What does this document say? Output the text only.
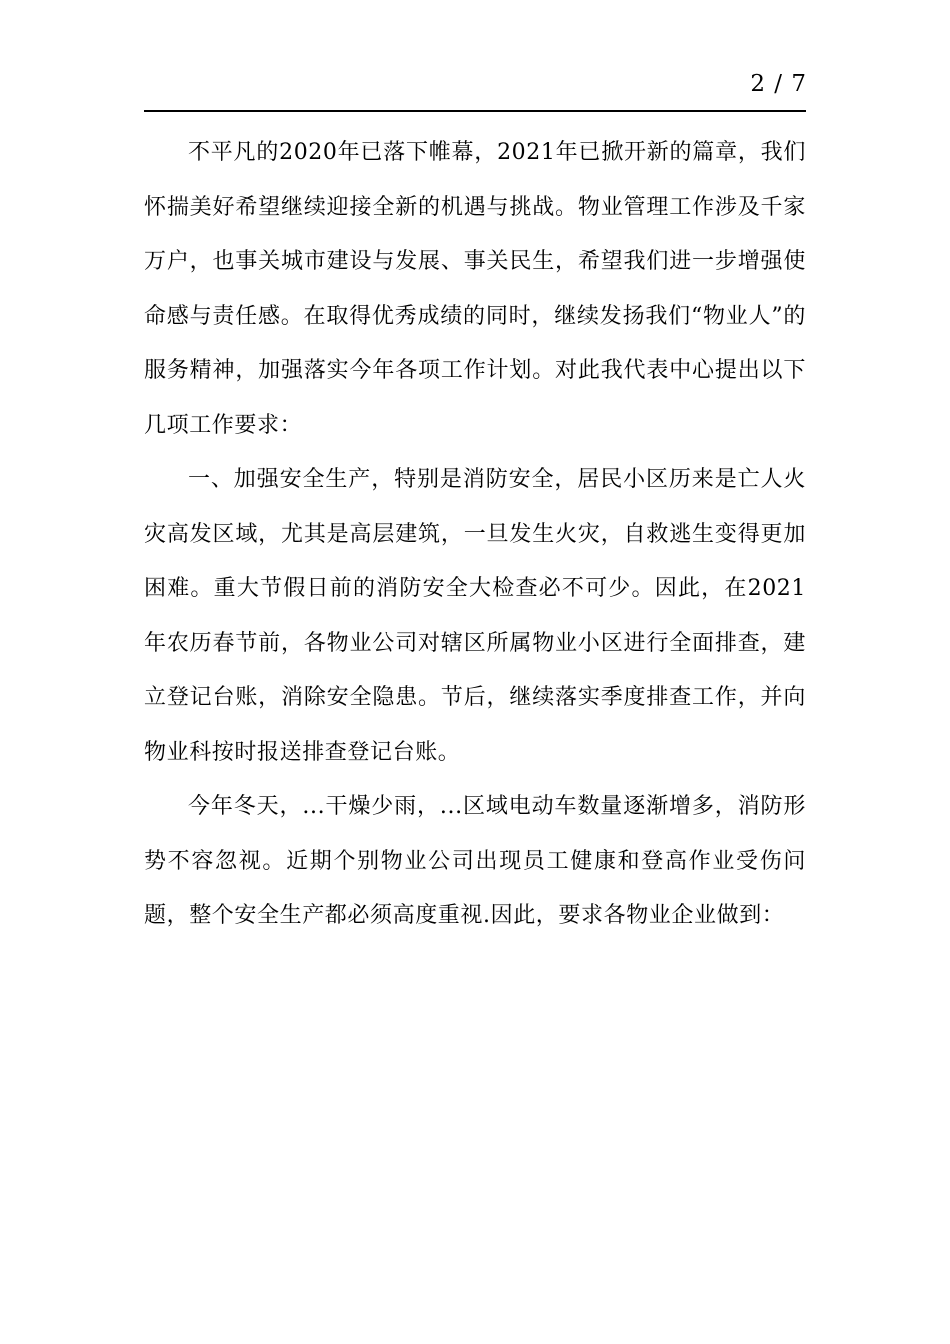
2 / 7

不平凡的2020年已落下帷幕，2021年已掀开新的篇章，我们怀揣美好希望继续迎接全新的机遇与挑战。物业管理工作涉及千家万户，也事关城市建设与发展、事关民生，希望我们进一步增强使命感与责任感。在取得优秀成绩的同时，继续发扬我们“物业人”的服务精神，加强落实今年各项工作计划。对此我代表中心提出以下几项工作要求：

一、加强安全生产，特别是消防安全，居民小区历来是亡人火灾高发区域，尤其是高层建筑，一旦发生火灾，自救逃生变得更加困难。重大节假日前的消防安全大检查必不可少。因此，在2021年农历春节前，各物业公司对辖区所属物业小区进行全面排查，建立登记台账，消除安全隐患。节后，继续落实季度排查工作，并向物业科按时报送排查登记台账。

今年冬天，...干燥少雨，...区域电动车数量逐渐增多，消防形势不容忽视。近期个别物业公司出现员工健康和登高作业受伤问题，整个安全生产都必须高度重视.因此，要求各物业企业做到：
